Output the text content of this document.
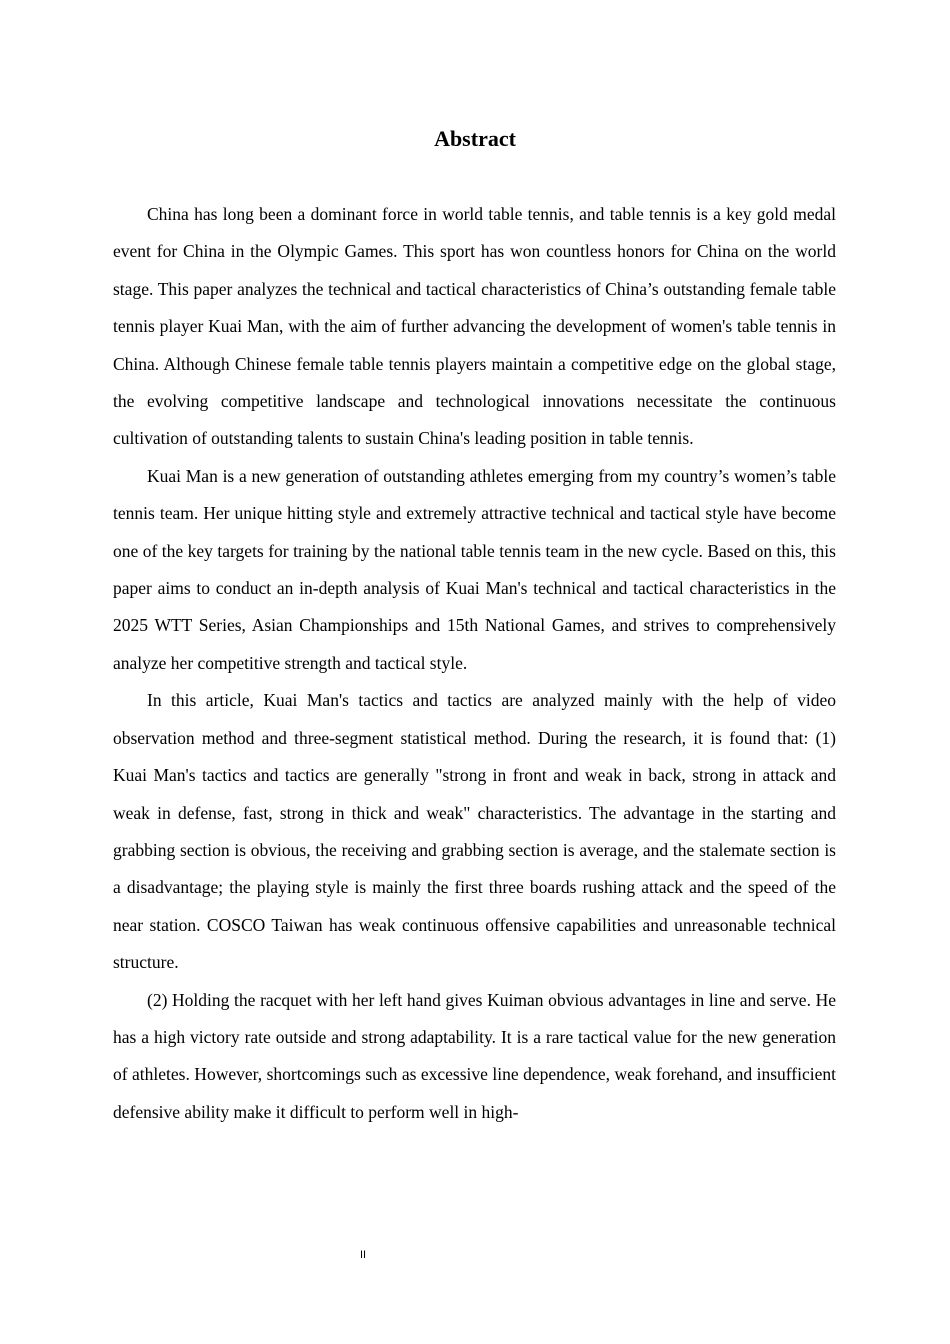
Abstract

China has long been a dominant force in world table tennis, and table tennis is a key gold medal event for China in the Olympic Games. This sport has won countless honors for China on the world stage. This paper analyzes the technical and tactical characteristics of China’s outstanding female table tennis player Kuai Man, with the aim of further advancing the development of women's table tennis in China. Although Chinese female table tennis players maintain a competitive edge on the global stage, the evolving competitive landscape and technological innovations necessitate the continuous cultivation of outstanding talents to sustain China's leading position in table tennis.

Kuai Man is a new generation of outstanding athletes emerging from my country’s women’s table tennis team. Her unique hitting style and extremely attractive technical and tactical style have become one of the key targets for training by the national table tennis team in the new cycle. Based on this, this paper aims to conduct an in-depth analysis of Kuai Man's technical and tactical characteristics in the 2025 WTT Series, Asian Championships and 15th National Games, and strives to comprehensively analyze her competitive strength and tactical style.

In this article, Kuai Man's tactics and tactics are analyzed mainly with the help of video observation method and three-segment statistical method. During the research, it is found that: (1) Kuai Man's tactics and tactics are generally "strong in front and weak in back, strong in attack and weak in defense, fast, strong in thick and weak" characteristics. The advantage in the starting and grabbing section is obvious, the receiving and grabbing section is average, and the stalemate section is a disadvantage; the playing style is mainly the first three boards rushing attack and the speed of the near station. COSCO Taiwan has weak continuous offensive capabilities and unreasonable technical structure.

(2) Holding the racquet with her left hand gives Kuiman obvious advantages in line and serve. He has a high victory rate outside and strong adaptability. It is a rare tactical value for the new generation of athletes. However, shortcomings such as excessive line dependence, weak forehand, and insufficient defensive ability make it difficult to perform well in high-

II
